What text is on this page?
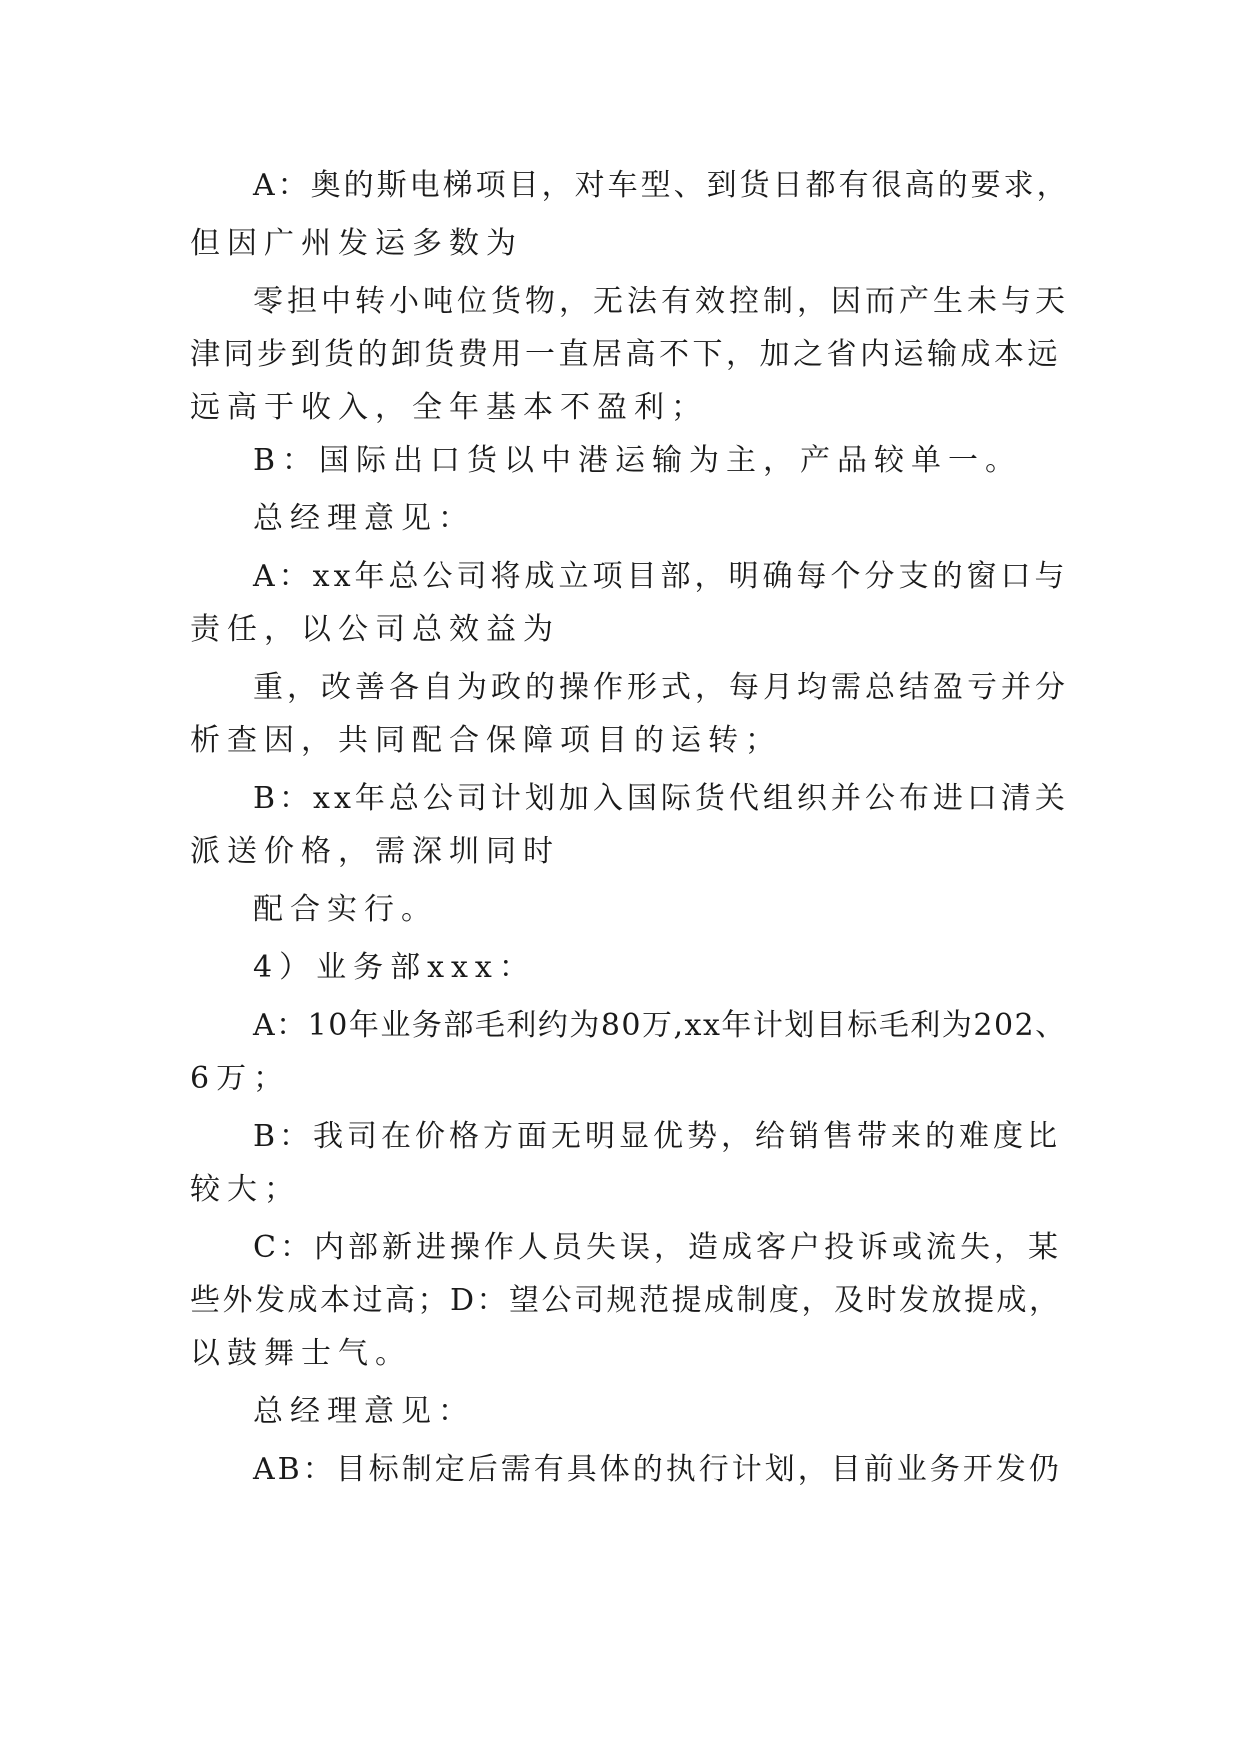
A：奥的斯电梯项目，对车型、到货日都有很高的要求，
但因广州发运多数为
零担中转小吨位货物，无法有效控制，因而产生未与天
津同步到货的卸货费用一直居高不下，加之省内运输成本远
远高于收入，全年基本不盈利；
B：国际出口货以中港运输为主，产品较单一。
总经理意见：
A：xx年总公司将成立项目部，明确每个分支的窗口与
责任，以公司总效益为
重，改善各自为政的操作形式，每月均需总结盈亏并分
析查因，共同配合保障项目的运转；
B：xx年总公司计划加入国际货代组织并公布进口清关
派送价格，需深圳同时
配合实行。
4）业务部xxx：
A：10年业务部毛利约为80万,xx年计划目标毛利为202、
6万；
B：我司在价格方面无明显优势，给销售带来的难度比
较大；
C：内部新进操作人员失误，造成客户投诉或流失，某
些外发成本过高；D：望公司规范提成制度，及时发放提成，
以鼓舞士气。
总经理意见：
AB：目标制定后需有具体的执行计划，目前业务开发仍
